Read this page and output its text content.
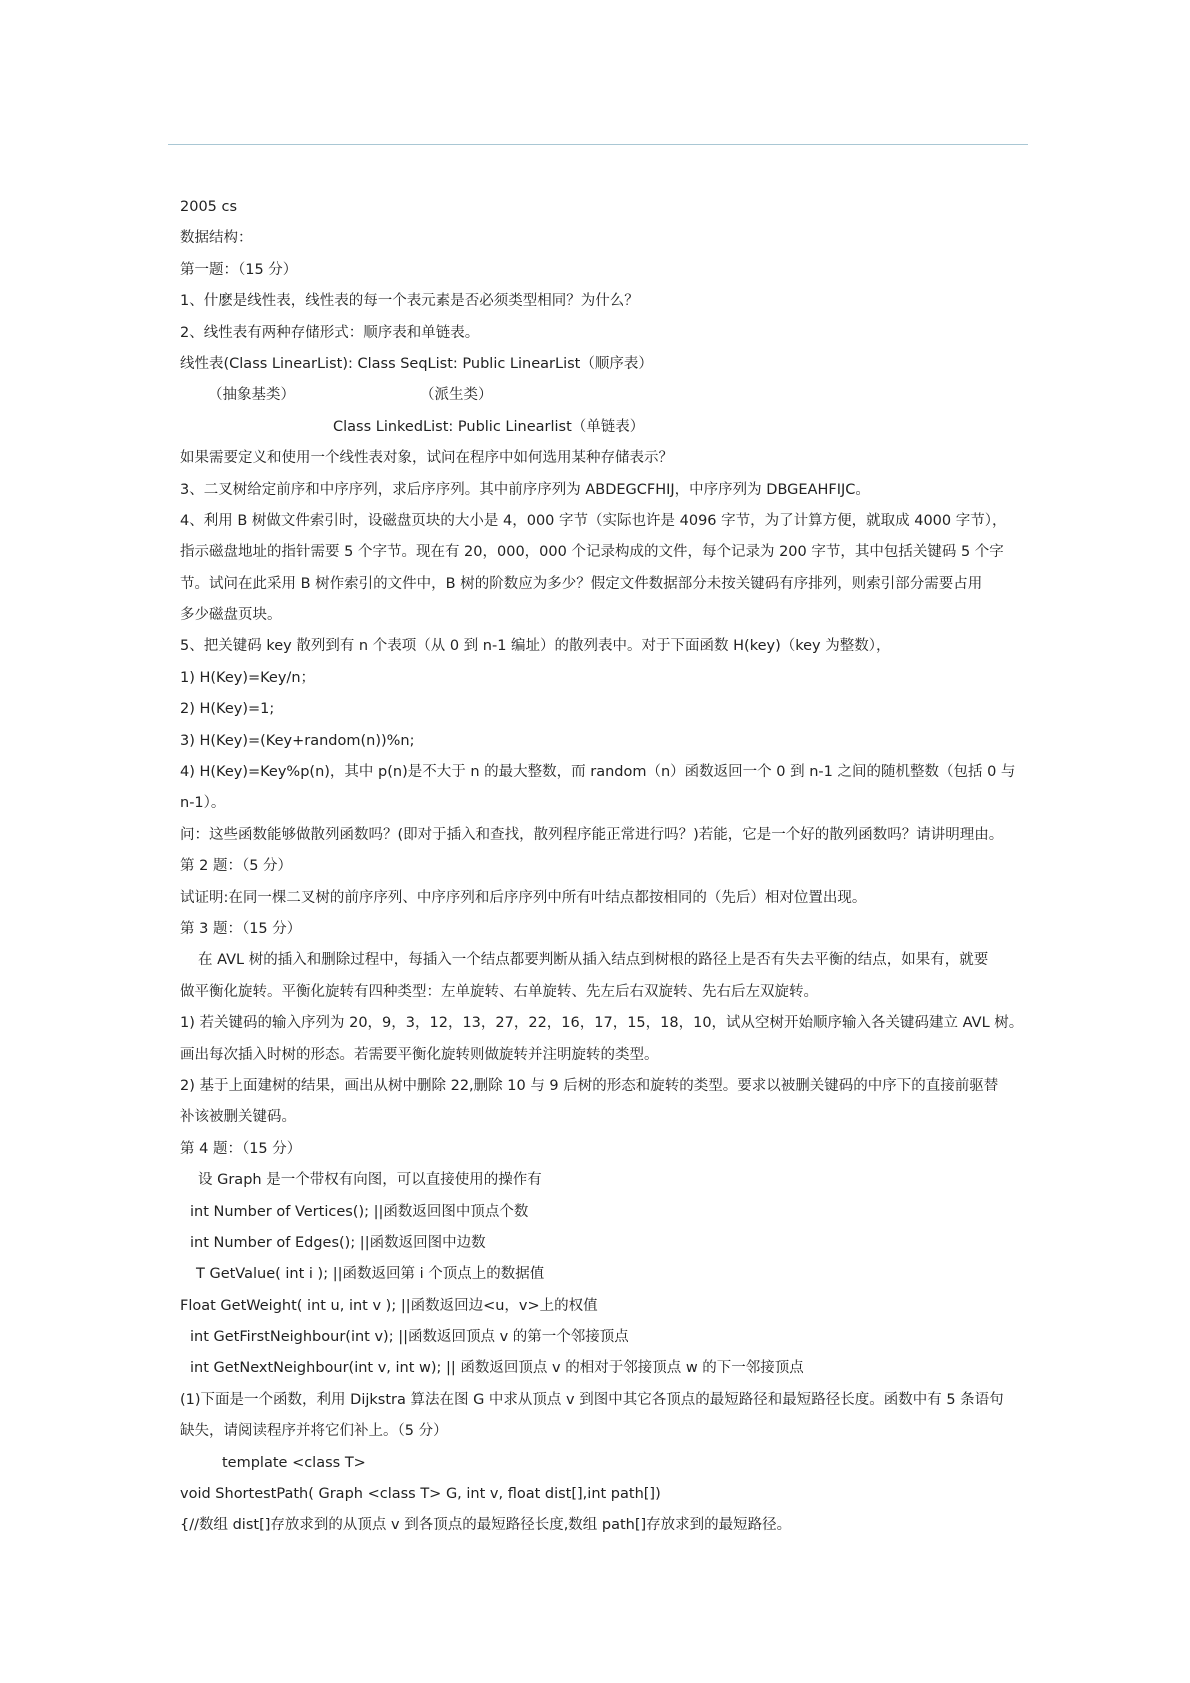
2005 cs
数据结构：
第一题：（15 分）
1、什麽是线性表，线性表的每一个表元素是否必须类型相同？为什么？
2、线性表有两种存储形式：顺序表和单链表。
线性表(Class LinearList): Class SeqList: Public LinearList（顺序表）
（抽象基类）	（派生类）
Class LinkedList: Public Linearlist（单链表）
如果需要定义和使用一个线性表对象，试问在程序中如何选用某种存储表示？
3、二叉树给定前序和中序序列，求后序序列。其中前序序列为 ABDEGCFHIJ，中序序列为 DBGEAHFIJC。
4、利用 B 树做文件索引时，设磁盘页块的大小是 4，000 字节（实际也许是 4096 字节，为了计算方便，就取成 4000 字节），
指示磁盘地址的指针需要 5 个字节。现在有 20，000，000 个记录构成的文件，每个记录为 200 字节，其中包括关键码 5 个字
节。试问在此采用 B 树作索引的文件中，B 树的阶数应为多少？假定文件数据部分未按关键码有序排列，则索引部分需要占用
多少磁盘页块。
5、把关键码 key 散列到有 n 个表项（从 0 到 n-1 编址）的散列表中。对于下面函数 H(key)（key 为整数），
1) H(Key)=Key/n；
2) H(Key)=1;
3) H(Key)=(Key+random(n))%n;
4) H(Key)=Key%p(n)，其中 p(n)是不大于 n 的最大整数，而 random（n）函数返回一个 0 到 n-1 之间的随机整数（包括 0 与
n-1）。
问：这些函数能够做散列函数吗？(即对于插入和查找，散列程序能正常进行吗？)若能，它是一个好的散列函数吗？请讲明理由。
第 2 题：（5 分）
试证明:在同一棵二叉树的前序序列、中序序列和后序序列中所有叶结点都按相同的（先后）相对位置出现。
第 3 题：（15 分）
在 AVL 树的插入和删除过程中，每插入一个结点都要判断从插入结点到树根的路径上是否有失去平衡的结点，如果有，就要
做平衡化旋转。平衡化旋转有四种类型：左单旋转、右单旋转、先左后右双旋转、先右后左双旋转。
1) 若关键码的输入序列为 20，9，3，12，13，27，22，16，17，15，18，10，试从空树开始顺序输入各关键码建立 AVL 树。
画出每次插入时树的形态。若需要平衡化旋转则做旋转并注明旋转的类型。
2) 基于上面建树的结果，画出从树中删除 22,删除 10 与 9 后树的形态和旋转的类型。要求以被删关键码的中序下的直接前驱替
补该被删关键码。
第 4 题：（15 分）
设 Graph 是一个带权有向图，可以直接使用的操作有
int Number of Vertices(); ||函数返回图中顶点个数
int Number of Edges(); ||函数返回图中边数
T GetValue( int i ); ||函数返回第 i 个顶点上的数据值
Float GetWeight( int u, int v ); ||函数返回边<u，v>上的权值
int GetFirstNeighbour(int v); ||函数返回顶点 v 的第一个邻接顶点
int GetNextNeighbour(int v, int w); || 函数返回顶点 v 的相对于邻接顶点 w 的下一邻接顶点
(1)下面是一个函数，利用 Dijkstra 算法在图 G 中求从顶点 v 到图中其它各顶点的最短路径和最短路径长度。函数中有 5 条语句
缺失，请阅读程序并将它们补上。（5 分）
template <class T>
void ShortestPath( Graph <class T> G, int v, float dist[],int path[])
{//数组 dist[]存放求到的从顶点 v 到各顶点的最短路径长度,数组 path[]存放求到的最短路径。
